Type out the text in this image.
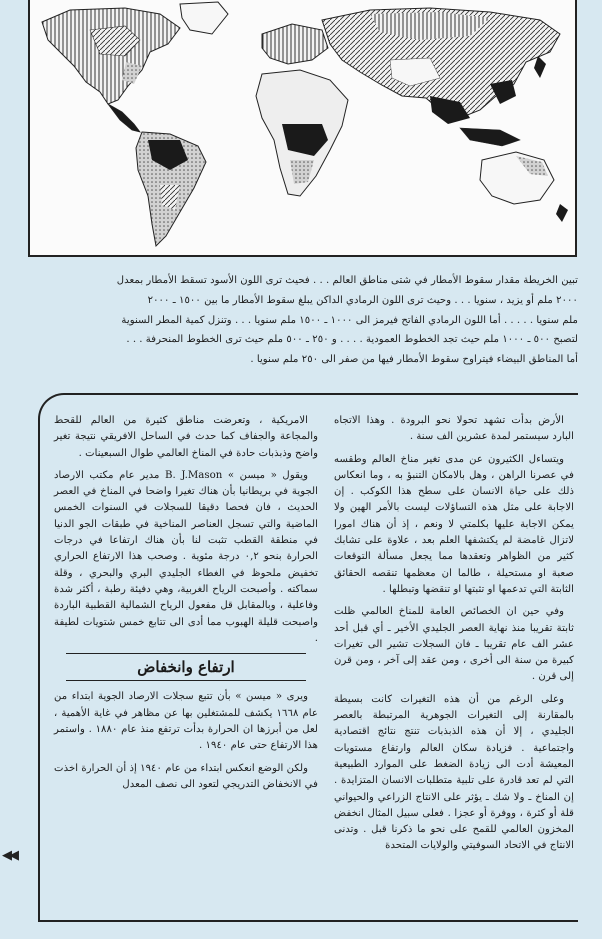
تبين الخريطة مقدار سقوط الأمطار في شتى مناطق العالم . . . فحيث ترى اللون الأسود تسقط الأمطار بمعدل
٢٠٠٠ ملم أو يزيد ، سنويا . . . وحيث ترى اللون الرمادي الداكن يبلغ سقوط الأمطار ما بين ١٥٠٠ ـ ٢٠٠٠
ملم سنويا . . . . . أما اللون الرمادي الفاتح فيرمز الى ١٠٠٠ ـ ١٥٠٠ ملم سنويا . . . وتنزل كمية المطر السنوية
لتصبح ٥٠٠ ـ ١٠٠٠ ملم حيث تجد الخطوط العمودية . . . . و ٢٥٠ ـ ٥٠٠ ملم حيث ترى الخطوط المنحرفة . . .
أما المناطق البيضاء فيتراوح سقوط الأمطار فيها من صفر الى ٢٥٠ ملم سنويا .

الأرض بدأت تشهد تحولا نحو البرودة . وهذا الاتجاه البارد سيستمر لمدة عشرين الف سنة .

ويتساءل الكثيرون عن مدى تغير مناخ العالم وطقسه في عصرنا الراهن ، وهل بالامكان التنبؤ به ، وما انعكاس ذلك على حياة الانسان على سطح هذا الكوكب . إن الاجابة على مثل هذه التساؤلات ليست بالأمر الهين ولا يمكن الاجابة عليها بكلمتي لا ونعم ، إذ أن هناك امورا لاتزال غامضة لم يكتشفها العلم بعد ، علاوة على تشابك كثير من الظواهر وتعقدها مما يجعل مسألة التوقعات صعبة او مستحيلة ، طالما ان معظمها تنقصه الحقائق الثابتة التي تدعمها او تثبتها او تنقضها وتبطلها .

وفي حين ان الخصائص العامة للمناخ العالمي ظلت ثابتة تقريبا منذ نهاية العصر الجليدي الأخير ـ أي قبل أحد عشر الف عام تقريبا ـ فان السجلات تشير الى تغيرات كبيرة من سنة الى أخرى ، ومن عقد إلى آخر ، ومن قرن إلى قرن .

وعلى الرغم من أن هذه التغيرات كانت بسيطة بالمقارنة إلى التغيرات الجوهرية المرتبطة بالعصر الجليدي ، إلا أن هذه الذبذبات تنتج نتائج اقتصادية واجتماعية . فزيادة سكان العالم وارتفاع مستويات المعيشة أدت الى زيادة الضغط على الموارد الطبيعية التي لم تعد قادرة على تلبية متطلبات الانسان المتزايدة . إن المناخ ـ ولا شك ـ يؤثر على الانتاج الزراعي والحيواني قلة أو كثرة ، ووفرة أو عجزا . فعلى سبيل المثال انخفض المخزون العالمي للقمح على نحو ما ذكرنا قبل . وتدنى الانتاج في الاتحاد السوفيتي والولايات المتحدة

الامريكية ، وتعرضت مناطق كثيرة من العالم للقحط والمجاعة والجفاف كما حدث في الساحل الافريقي نتيجة تغير واضح وذبذبات حادة في المناخ العالمي طوال السبعينات .

ويقول « ميسن » B. J.Mason مدير عام مكتب الارصاد الجوية في بريطانيا بأن هناك تغيرا واضحا في المناخ في العصر الحديث ، فان فحصا دقيقا للسجلات في السنوات الخمس الماضية والتي تسجل العناصر المناخية في طبقات الجو الدنيا في منطقة القطب تثبت لنا بأن هناك ارتفاعا في درجات الحرارة بنحو ٠,٢ درجة مئوية . وصحب هذا الارتفاع الحراري تخفيض ملحوظ في الغطاء الجليدي البري والبحري ، وقلة سماكته . وأصبحت الرياح الغربية، وهي دفيئة رطبة ، أكثر شدة وفاعلية ، وبالمقابل قل مفعول الرياح الشمالية القطبية الباردة واصبحت قليلة الهبوب مما أدى الى تتابع خمس شتويات لطيفة .

ارتفاع وانخفاض

ويرى « ميسن » بأن تتبع سجلات الارصاد الجوية ابتداء من عام ١٦٦٨ يكشف للمشتغلين بها عن مظاهر في غاية الأهمية ، لعل من أبرزها ان الحرارة بدأت ترتفع منذ عام ١٨٨٠ . واستمر هذا الارتفاع حتى عام ١٩٤٠ .

ولكن الوضع انعكس ابتداء من عام ١٩٤٠ إذ أن الحرارة اخذت في الانخفاض التدريجي لتعود الى نصف المعدل

◀◀
